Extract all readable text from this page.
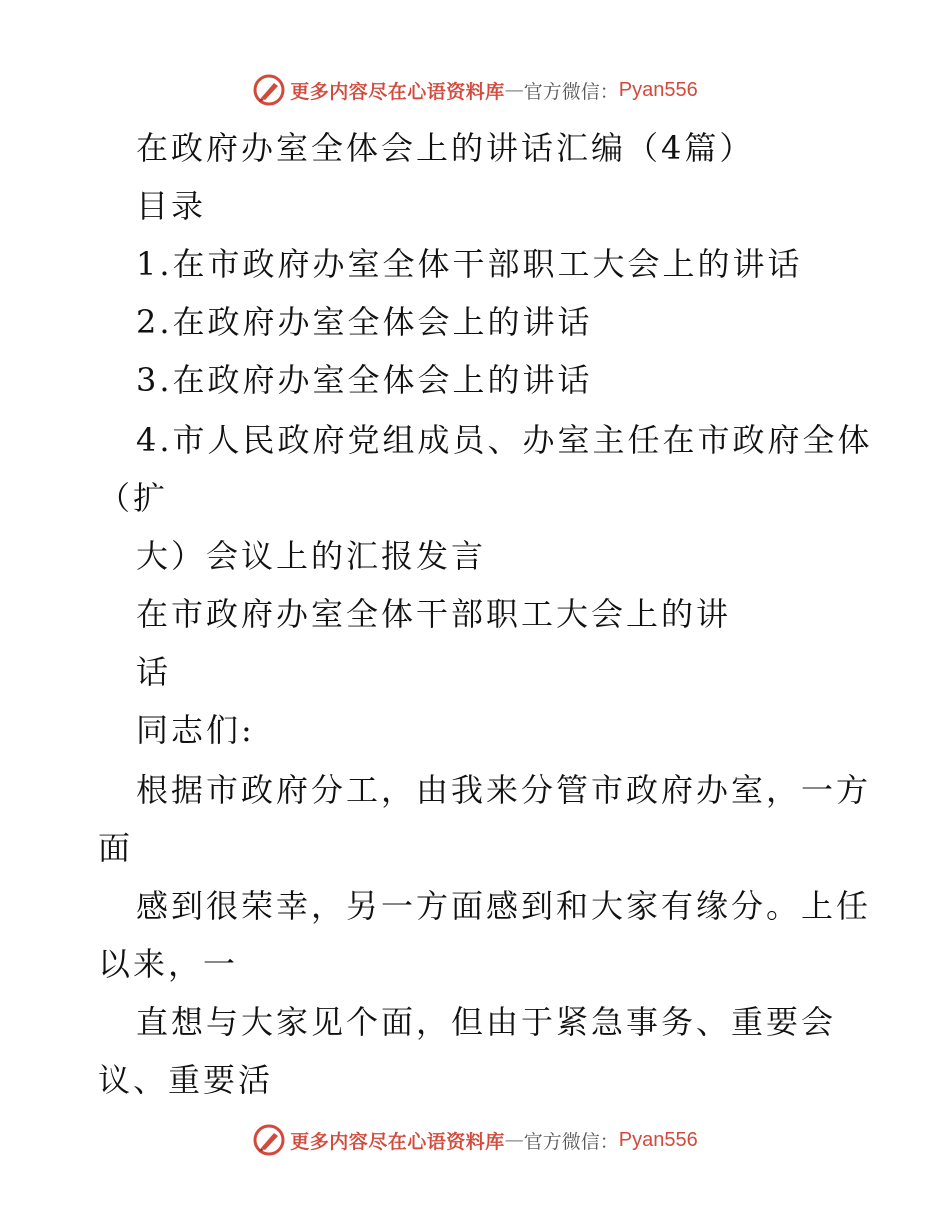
更多内容尽在心语资料库 — 官方微信： Pyan556
在政府办室全体会上的讲话汇编（4篇）
目录
1.在市政府办室全体干部职工大会上的讲话
2.在政府办室全体会上的讲话
3.在政府办室全体会上的讲话
4.市人民政府党组成员、办室主任在市政府全体
（扩
大）会议上的汇报发言
在市政府办室全体干部职工大会上的讲
话
同志们:
根据市政府分工，由我来分管市政府办室，一方
面
感到很荣幸，另一方面感到和大家有缘分。上任
以来，一
直想与大家见个面，但由于紧急事务、重要会
议、重要活
更多内容尽在心语资料库 — 官方微信： Pyan556
